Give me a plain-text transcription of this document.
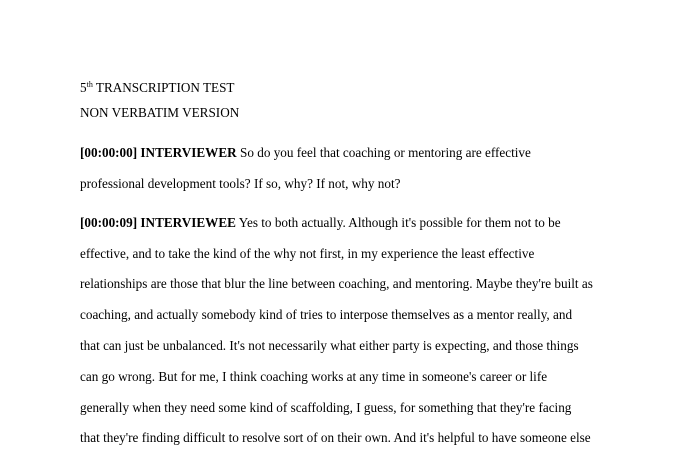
5th TRANSCRIPTION TEST
NON VERBATIM VERSION
[00:00:00] INTERVIEWER So do you feel that coaching or mentoring are effective
professional development tools? If so, why? If not, why not?
[00:00:09] INTERVIEWEE Yes to both actually. Although it's possible for them not to be
effective, and to take the kind of the why not first, in my experience the least effective
relationships are those that blur the line between coaching, and mentoring. Maybe they're built as
coaching, and actually somebody kind of tries to interpose themselves as a mentor really, and
that can just be unbalanced. It's not necessarily what either party is expecting, and those things
can go wrong. But for me, I think coaching works at any time in someone's career or life
generally when they need some kind of scaffolding, I guess, for something that they're facing
that they're finding difficult to resolve sort of on their own. And it's helpful to have someone else
